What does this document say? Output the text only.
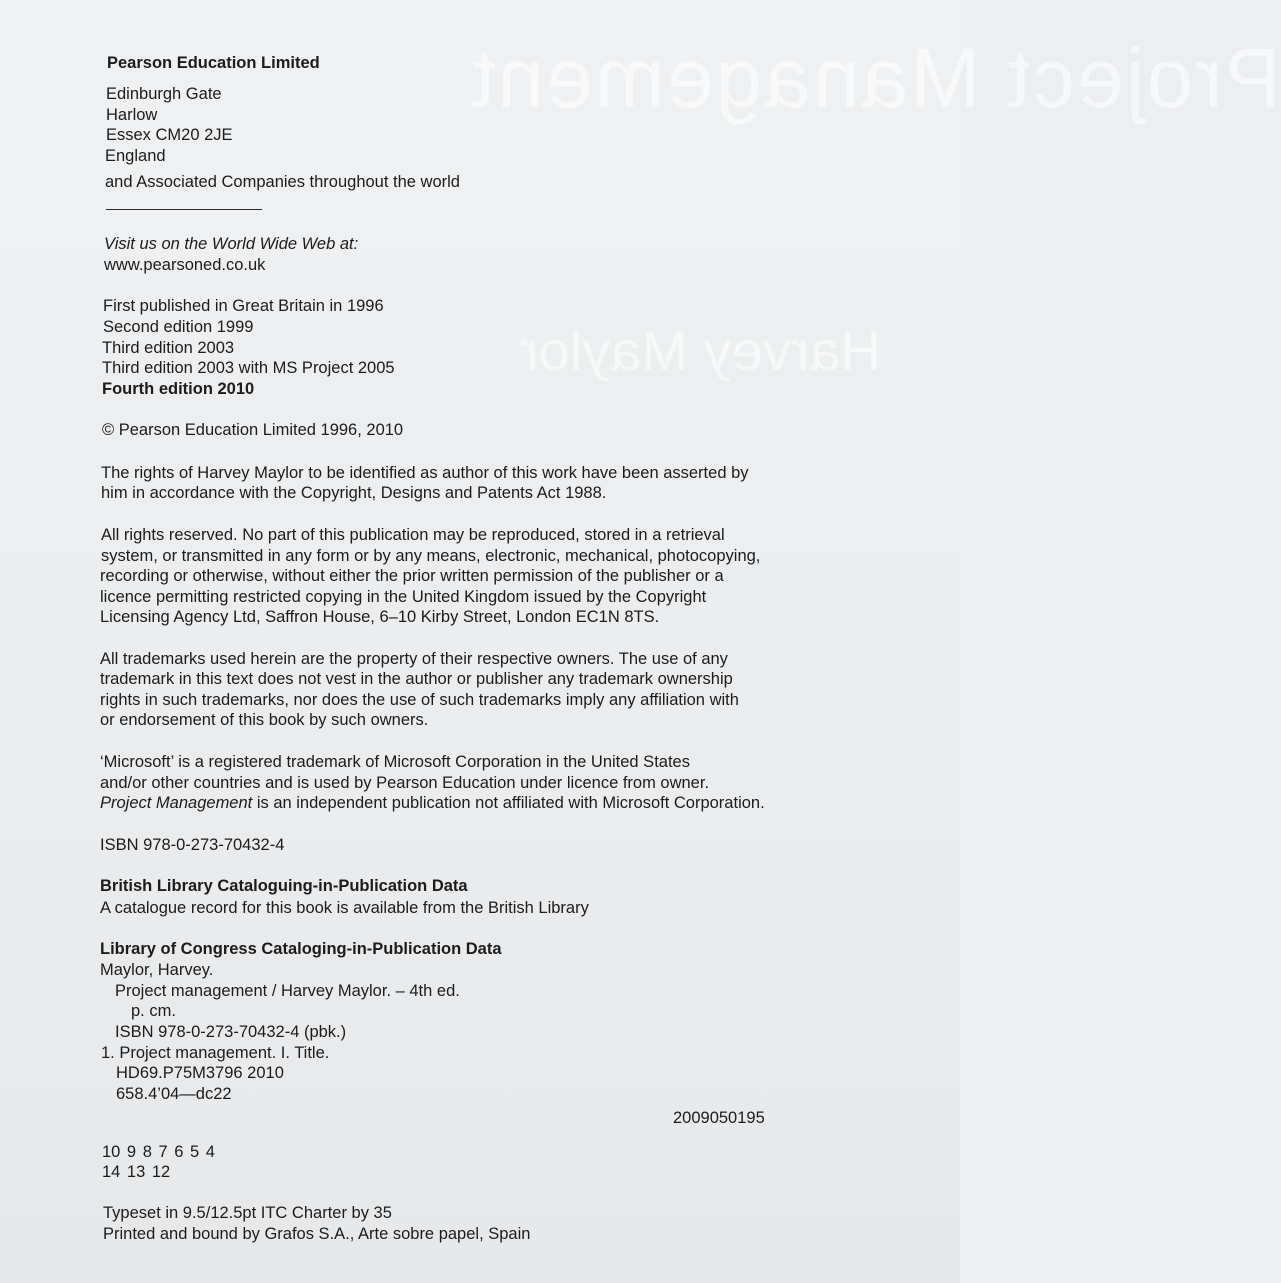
Project Management
Harvey Maylor
Pearson Education Limited
Edinburgh Gate
Harlow
Essex CM20 2JE
England
and Associated Companies throughout the world
Visit us on the World Wide Web at:
www.pearsoned.co.uk
First published in Great Britain in 1996
Second edition 1999
Third edition 2003
Third edition 2003 with MS Project 2005
Fourth edition 2010
© Pearson Education Limited 1996, 2010
The rights of Harvey Maylor to be identified as author of this work have been asserted by
him in accordance with the Copyright, Designs and Patents Act 1988.
All rights reserved. No part of this publication may be reproduced, stored in a retrieval
system, or transmitted in any form or by any means, electronic, mechanical, photocopying,
recording or otherwise, without either the prior written permission of the publisher or a
licence permitting restricted copying in the United Kingdom issued by the Copyright
Licensing Agency Ltd, Saffron House, 6–10 Kirby Street, London EC1N 8TS.
All trademarks used herein are the property of their respective owners. The use of any
trademark in this text does not vest in the author or publisher any trademark ownership
rights in such trademarks, nor does the use of such trademarks imply any affiliation with
or endorsement of this book by such owners.
‘Microsoft’ is a registered trademark of Microsoft Corporation in the United States
and/or other countries and is used by Pearson Education under licence from owner.
Project Management is an independent publication not affiliated with Microsoft Corporation.
ISBN 978-0-273-70432-4
British Library Cataloguing-in-Publication Data
A catalogue record for this book is available from the British Library
Library of Congress Cataloging-in-Publication Data
Maylor, Harvey.
Project management / Harvey Maylor. – 4th ed.
p. cm.
ISBN 978-0-273-70432-4 (pbk.)
1. Project management. I. Title.
HD69.P75M3796 2010
658.4’04—dc22
2009050195
10 9 8 7 6 5 4
14 13 12
Typeset in 9.5/12.5pt ITC Charter by 35
Printed and bound by Grafos S.A., Arte sobre papel, Spain
